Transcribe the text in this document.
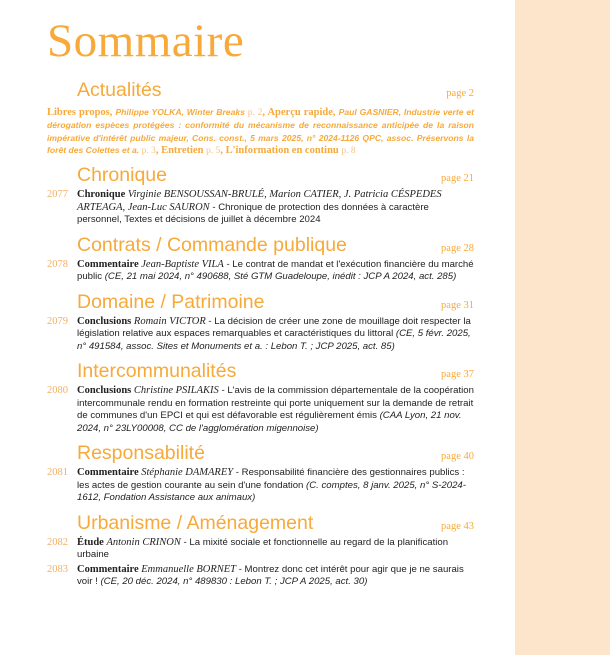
Sommaire
Actualités	page 2
Libres propos, Philippe YOLKA, Winter Breaks p. 2, Aperçu rapide, Paul GASNIER, Industrie verte et dérogation espèces protégées : conformité du mécanisme de reconnaissance anticipée de la raison impérative d'intérêt public majeur, Cons. const., 5 mars 2025, n° 2024-1126 QPC, assoc. Préservons la forêt des Colettes et a. p. 3, Entretien p. 5, L'information en continu p. 8
Chronique	page 21
2077 Chronique Virginie BENSOUSSAN-BRULÉ, Marion CATIER, J. Patricia CÉSPEDES ARTEAGA, Jean-Luc SAURON - Chronique de protection des données à caractère personnel, Textes et décisions de juillet à décembre 2024
Contrats / Commande publique	page 28
2078 Commentaire Jean-Baptiste VILA - Le contrat de mandat et l'exécution financière du marché public (CE, 21 mai 2024, n° 490688, Sté GTM Guadeloupe, inédit : JCP A 2024, act. 285)
Domaine / Patrimoine	page 31
2079 Conclusions Romain VICTOR - La décision de créer une zone de mouillage doit respecter la législation relative aux espaces remarquables et caractéristiques du littoral (CE, 5 févr. 2025, n° 491584, assoc. Sites et Monuments et a. : Lebon T. ; JCP 2025, act. 85)
Intercommunalités	page 37
2080 Conclusions Christine PSILAKIS - L'avis de la commission départementale de la coopération intercommunale rendu en formation restreinte qui porte uniquement sur la demande de retrait de communes d'un EPCI et qui est défavorable est régulièrement émis (CAA Lyon, 21 nov. 2024, n° 23LY00008, CC de l'agglomération migennoise)
Responsabilité	page 40
2081 Commentaire Stéphanie DAMAREY - Responsabilité financière des gestionnaires publics : les actes de gestion courante au sein d'une fondation (C. comptes, 8 janv. 2025, n° S-2024-1612, Fondation Assistance aux animaux)
Urbanisme / Aménagement	page 43
2082 Étude Antonin CRINON - La mixité sociale et fonctionnelle au regard de la planification urbaine
2083 Commentaire Emmanuelle BORNET - Montrez donc cet intérêt pour agir que je ne saurais voir ! (CE, 20 déc. 2024, n° 489830 : Lebon T. ; JCP A 2025, act. 30)
